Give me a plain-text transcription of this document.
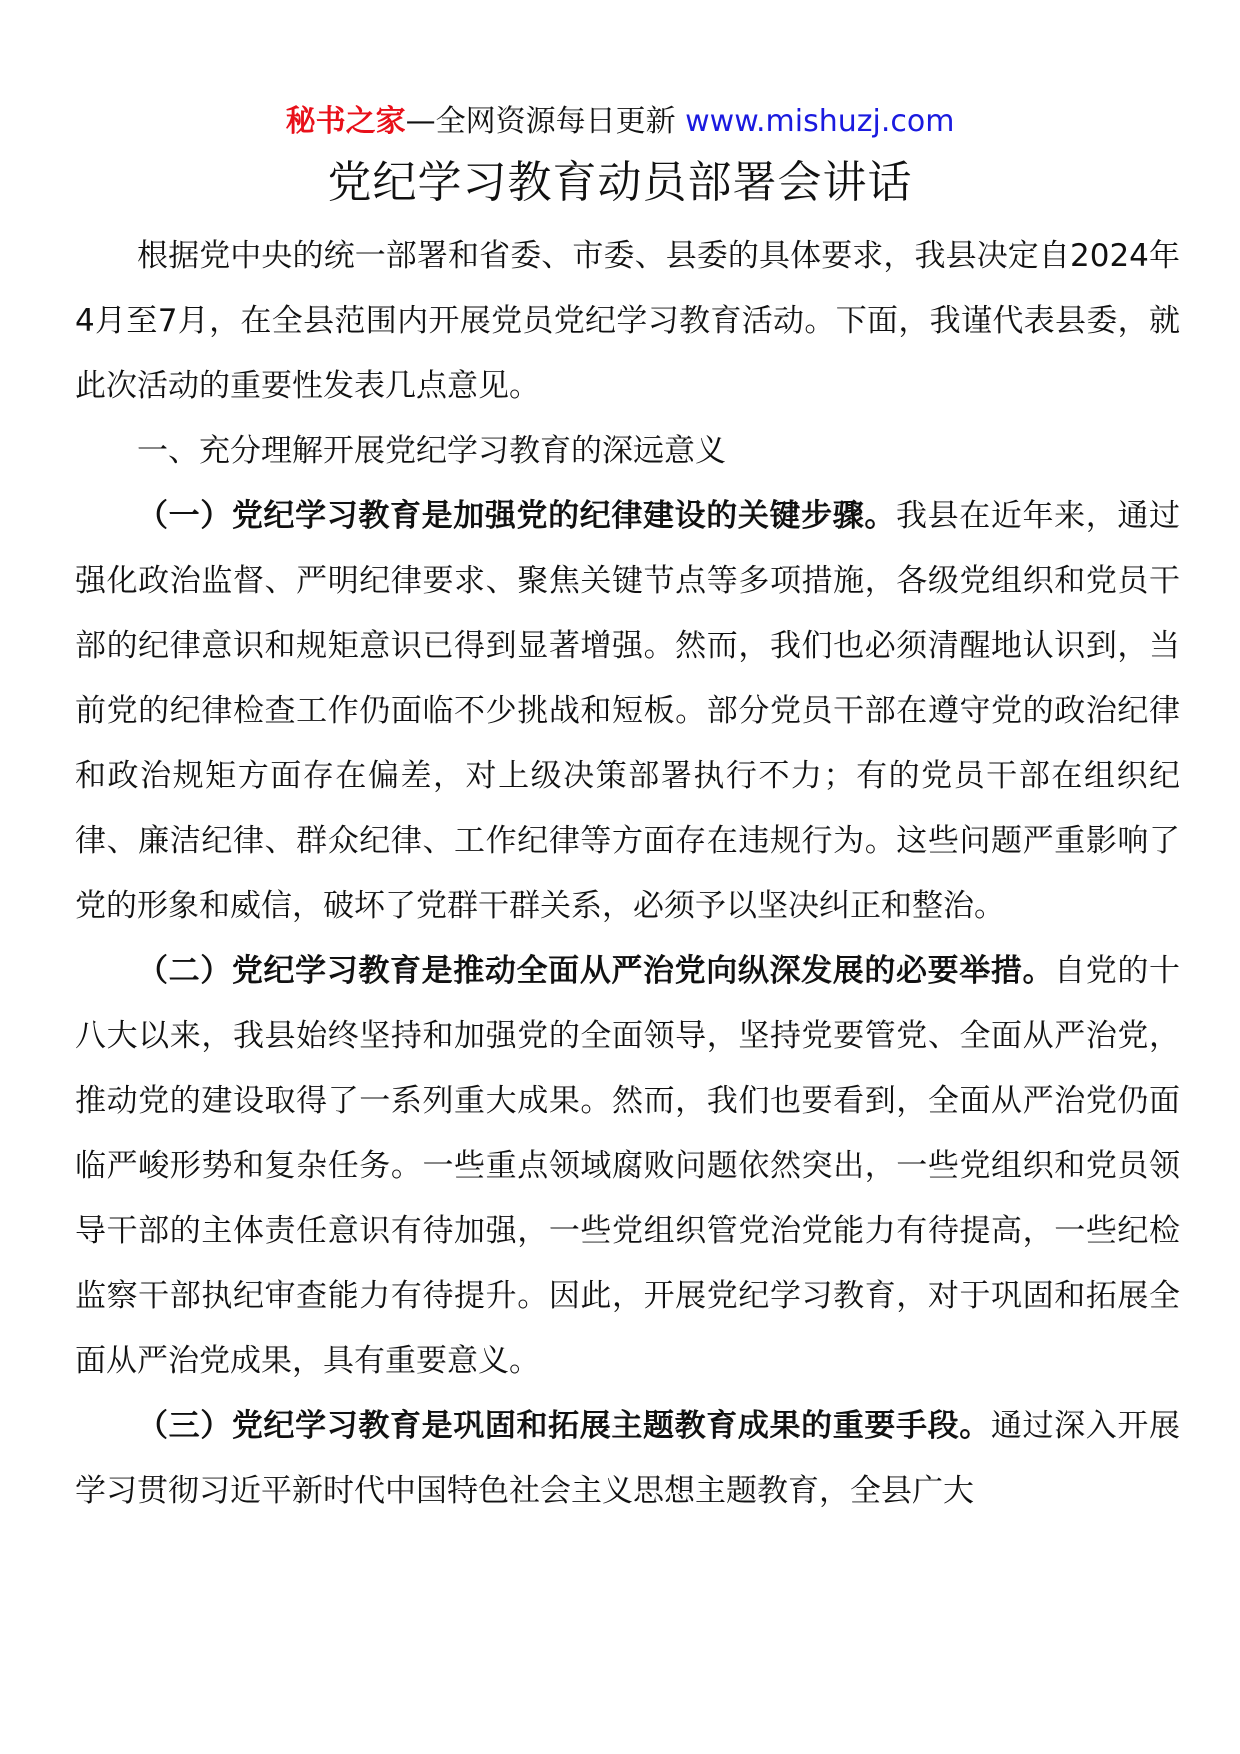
秘书之家—全网资源每日更新 www.mishuzj.com
党纪学习教育动员部署会讲话

根据党中央的统一部署和省委、市委、县委的具体要求，我县决定自2024年4月至7月，在全县范围内开展党员党纪学习教育活动。下面，我谨代表县委，就此次活动的重要性发表几点意见。

一、充分理解开展党纪学习教育的深远意义

（一）党纪学习教育是加强党的纪律建设的关键步骤。我县在近年来，通过强化政治监督、严明纪律要求、聚焦关键节点等多项措施，各级党组织和党员干部的纪律意识和规矩意识已得到显著增强。然而，我们也必须清醒地认识到，当前党的纪律检查工作仍面临不少挑战和短板。部分党员干部在遵守党的政治纪律和政治规矩方面存在偏差，对上级决策部署执行不力；有的党员干部在组织纪律、廉洁纪律、群众纪律、工作纪律等方面存在违规行为。这些问题严重影响了党的形象和威信，破坏了党群干群关系，必须予以坚决纠正和整治。

（二）党纪学习教育是推动全面从严治党向纵深发展的必要举措。自党的十八大以来，我县始终坚持和加强党的全面领导，坚持党要管党、全面从严治党，推动党的建设取得了一系列重大成果。然而，我们也要看到，全面从严治党仍面临严峻形势和复杂任务。一些重点领域腐败问题依然突出，一些党组织和党员领导干部的主体责任意识有待加强，一些党组织管党治党能力有待提高，一些纪检监察干部执纪审查能力有待提升。因此，开展党纪学习教育，对于巩固和拓展全面从严治党成果，具有重要意义。

（三）党纪学习教育是巩固和拓展主题教育成果的重要手段。通过深入开展学习贯彻习近平新时代中国特色社会主义思想主题教育，全县广大
